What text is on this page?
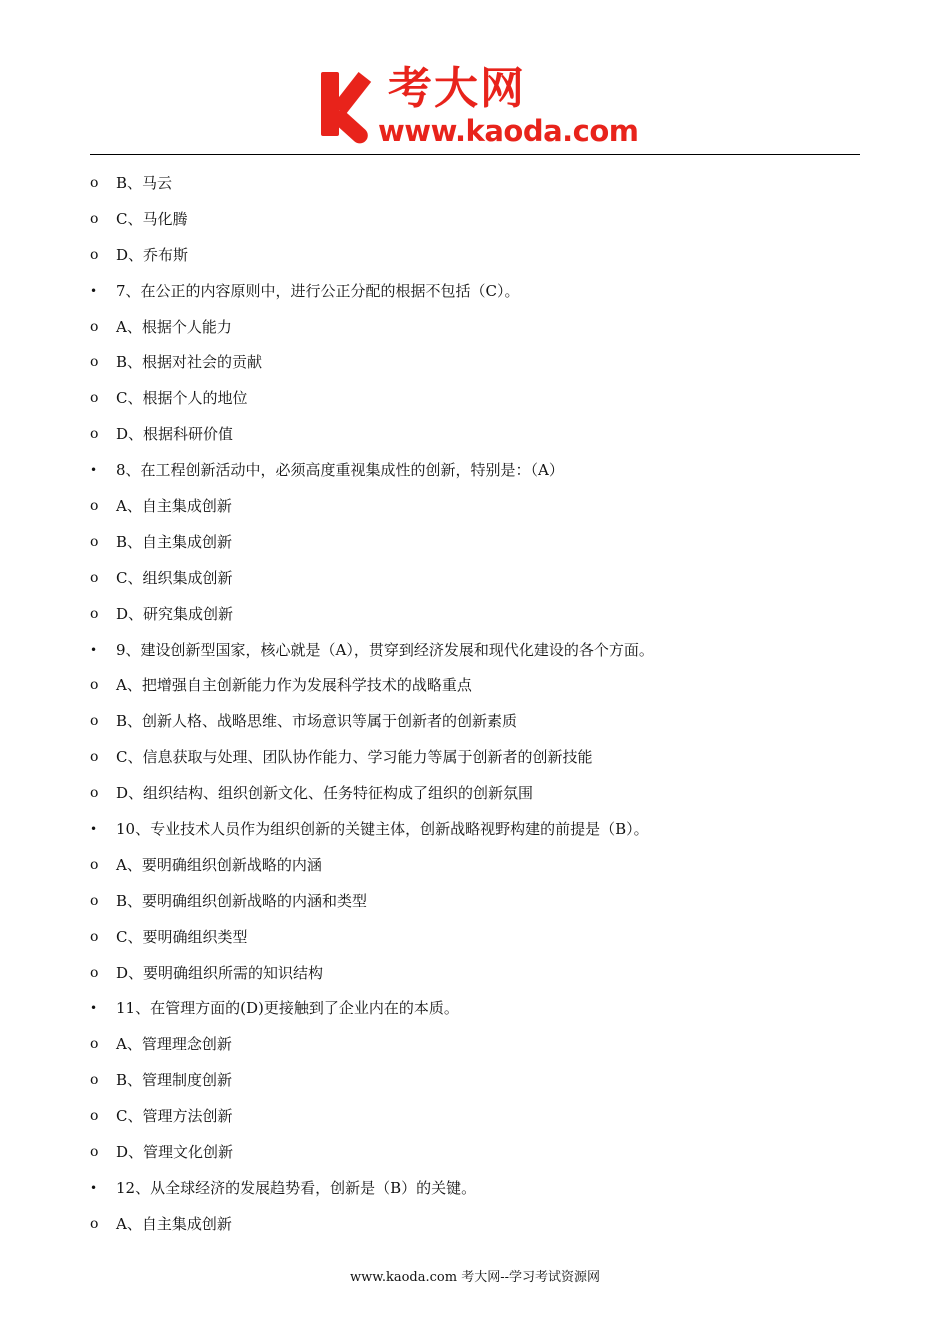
考大网
www.kaoda.com
o B、马云
o C、马化腾
o D、乔布斯
•	7、在公正的内容原则中，进行公正分配的根据不包括（C）。
o A、根据个人能力
o B、根据对社会的贡献
o C、根据个人的地位
o D、根据科研价值
•	8、在工程创新活动中，必须高度重视集成性的创新，特别是：（A）
o A、自主集成创新
o B、自主集成创新
o C、组织集成创新
o D、研究集成创新
•	9、建设创新型国家，核心就是（A），贯穿到经济发展和现代化建设的各个方面。
o A、把增强自主创新能力作为发展科学技术的战略重点
o B、创新人格、战略思维、市场意识等属于创新者的创新素质
o C、信息获取与处理、团队协作能力、学习能力等属于创新者的创新技能
o D、组织结构、组织创新文化、任务特征构成了组织的创新氛围
•	10、专业技术人员作为组织创新的关键主体，创新战略视野构建的前提是（B）。
o A、要明确组织创新战略的内涵
o B、要明确组织创新战略的内涵和类型
o C、要明确组织类型
o D、要明确组织所需的知识结构
•	11、在管理方面的(D)更接触到了企业内在的本质。
o A、管理理念创新
o B、管理制度创新
o C、管理方法创新
o D、管理文化创新
•	12、从全球经济的发展趋势看，创新是（B）的关键。
o A、自主集成创新
www.kaoda.com 考大网--学习考试资源网
